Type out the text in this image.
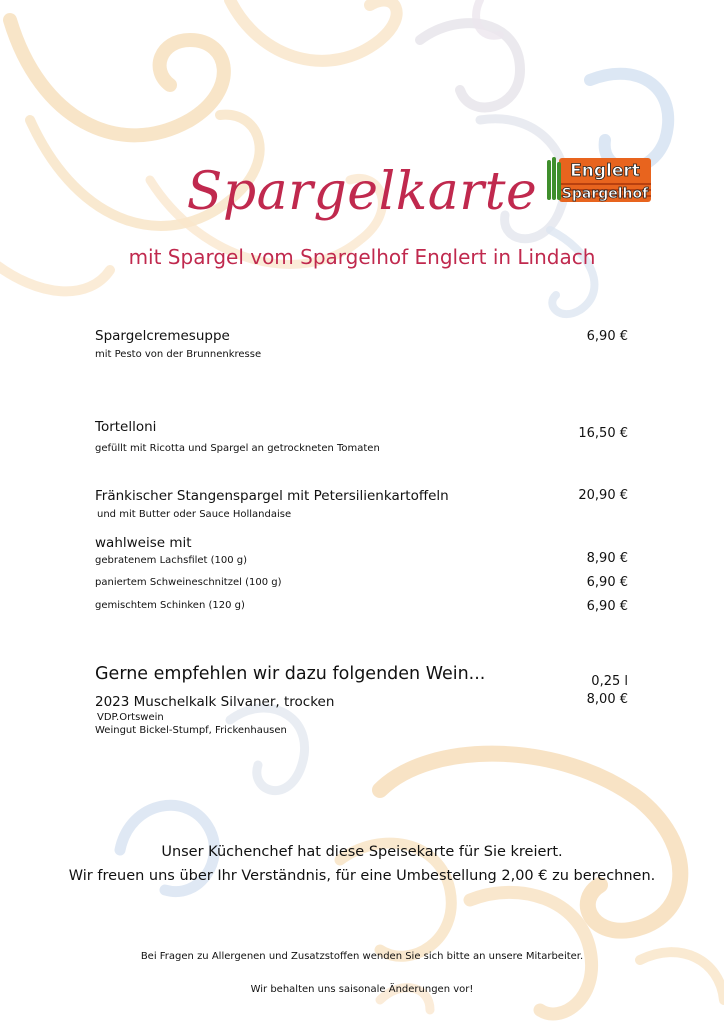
Englert
Spargelhof
Spargelkarte
mit Spargel vom Spargelhof Englert in Lindach
Spargelcremesuppe
mit Pesto von der Brunnenkresse
6,90 €
Tortelloni
gefüllt mit Ricotta und Spargel an getrockneten Tomaten
16,50 €
Fränkischer Stangenspargel mit Petersilienkartoffeln
und mit Butter oder Sauce Hollandaise
20,90 €
wahlweise mit
gebratenem Lachsfilet (100 g)	8,90 €
paniertem Schweineschnitzel (100 g)	6,90 €
gemischtem Schinken (120 g)	6,90 €
Gerne empfehlen wir dazu folgenden Wein...	0,25 l
2023 Muschelkalk Silvaner, trocken	8,00 €
VDP.Ortswein
Weingut Bickel-Stumpf, Frickenhausen
Unser Küchenchef hat diese Speisekarte für Sie kreiert.
Wir freuen uns über Ihr Verständnis, für eine Umbestellung 2,00 € zu berechnen.
Bei Fragen zu Allergenen und Zusatzstoffen wenden Sie sich bitte an unsere Mitarbeiter.
Wir behalten uns saisonale Änderungen vor!
